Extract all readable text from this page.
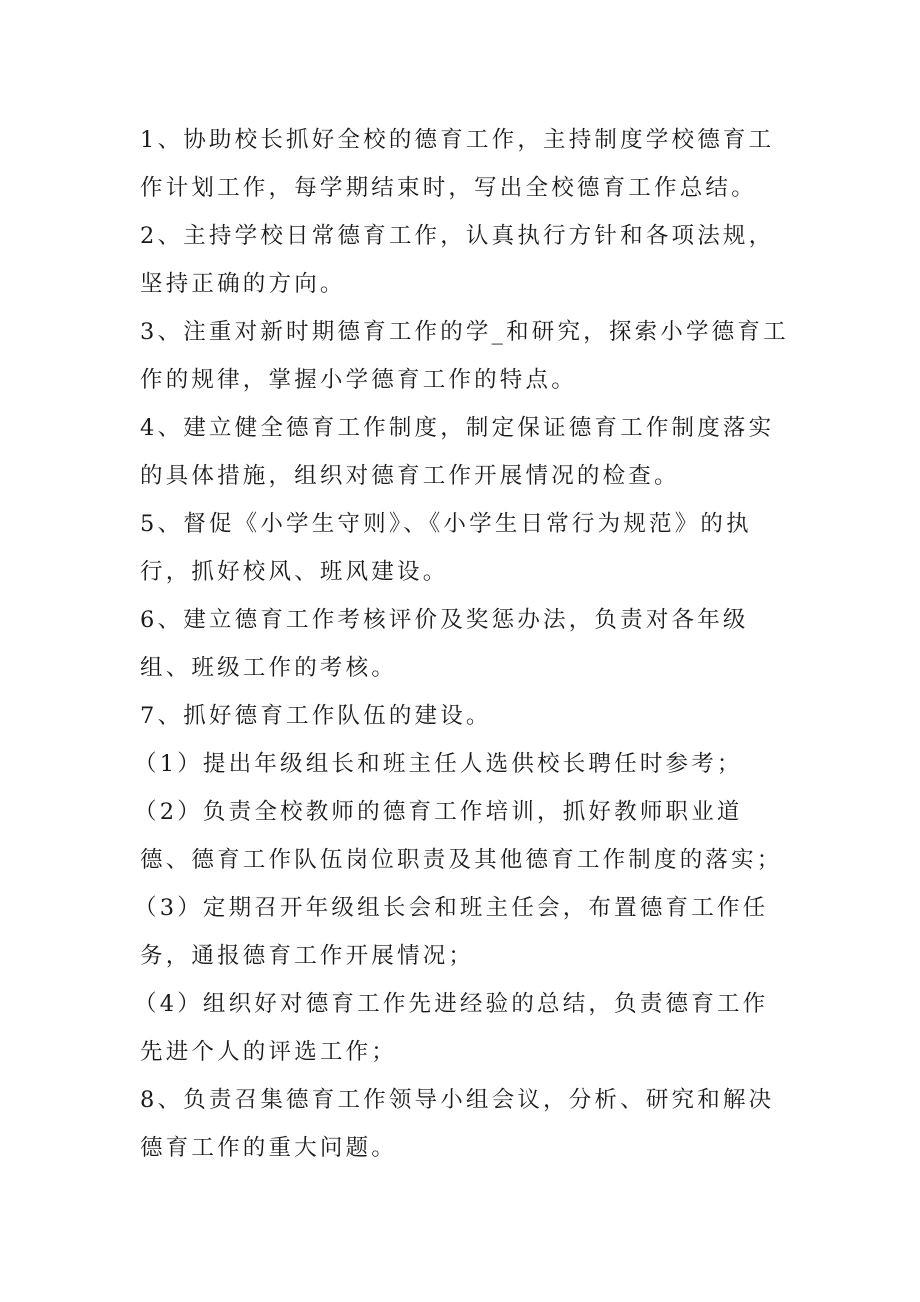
1、协助校长抓好全校的德育工作，主持制度学校德育工作计划工作，每学期结束时，写出全校德育工作总结。

2、主持学校日常德育工作，认真执行方针和各项法规，坚持正确的方向。

3、注重对新时期德育工作的学_和研究，探索小学德育工作的规律，掌握小学德育工作的特点。

4、建立健全德育工作制度，制定保证德育工作制度落实的具体措施，组织对德育工作开展情况的检查。

5、督促《小学生守则》、《小学生日常行为规范》的执行，抓好校风、班风建设。

6、建立德育工作考核评价及奖惩办法，负责对各年级组、班级工作的考核。

7、抓好德育工作队伍的建设。

（1）提出年级组长和班主任人选供校长聘任时参考；

（2）负责全校教师的德育工作培训，抓好教师职业道德、德育工作队伍岗位职责及其他德育工作制度的落实；

（3）定期召开年级组长会和班主任会，布置德育工作任务，通报德育工作开展情况；

（4）组织好对德育工作先进经验的总结，负责德育工作先进个人的评选工作；

8、负责召集德育工作领导小组会议，分析、研究和解决德育工作的重大问题。
